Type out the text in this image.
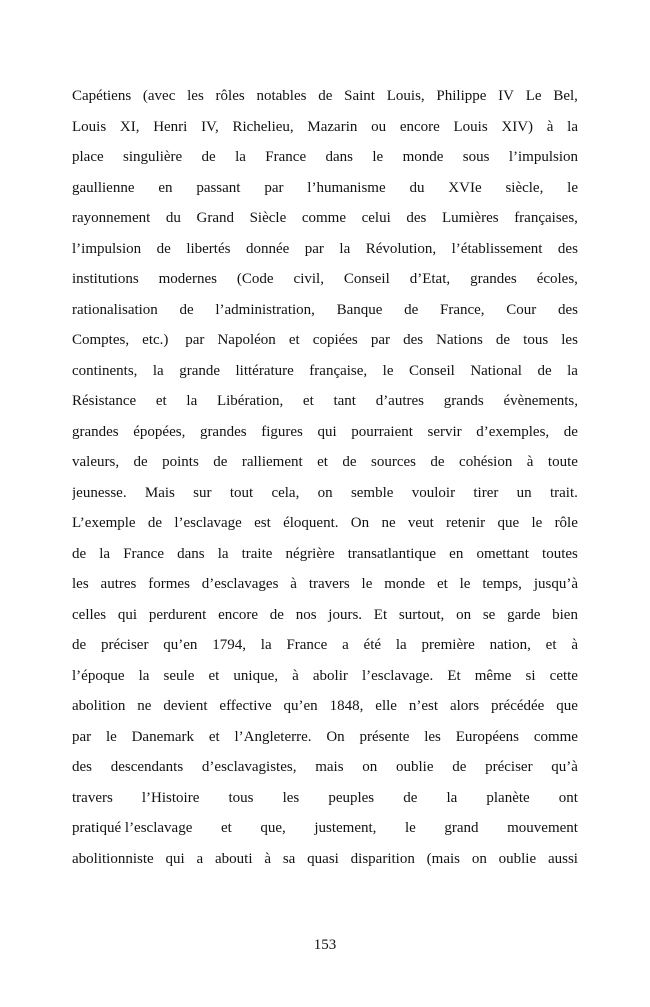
Capétiens (avec les rôles notables de Saint Louis, Philippe IV Le Bel,
Louis XI, Henri IV, Richelieu, Mazarin ou encore Louis XIV) à la
place singulière de la France dans le monde sous l’impulsion
gaullienne en passant par l’humanisme du XVIe siècle, le
rayonnement du Grand Siècle comme celui des Lumières françaises,
l’impulsion de libertés donnée par la Révolution, l’établissement des
institutions modernes (Code civil, Conseil d’Etat, grandes écoles,
rationalisation de l’administration, Banque de France, Cour des
Comptes, etc.) par Napoléon et copiées par des Nations de tous les
continents, la grande littérature française, le Conseil National de la
Résistance et la Libération, et tant d’autres grands évènements,
grandes épopées, grandes figures qui pourraient servir d’exemples, de
valeurs, de points de ralliement et de sources de cohésion à toute
jeunesse. Mais sur tout cela, on semble vouloir tirer un trait.
L’exemple de l’esclavage est éloquent. On ne veut retenir que le rôle
de la France dans la traite négrière transatlantique en omettant toutes
les autres formes d’esclavages à travers le monde et le temps, jusqu’à
celles qui perdurent encore de nos jours. Et surtout, on se garde bien
de préciser qu’en 1794, la France a été la première nation, et à
l’époque la seule et unique, à abolir l’esclavage. Et même si cette
abolition ne devient effective qu’en 1848, elle n’est alors précédée que
par le Danemark et l’Angleterre. On présente les Européens comme
des descendants d’esclavagistes, mais on oublie de préciser qu’à
travers l’Histoire tous les peuples de la planète ont
pratiqué l’esclavage et que, justement, le grand mouvement
abolitionniste qui a abouti à sa quasi disparition (mais on oublie aussi
153
